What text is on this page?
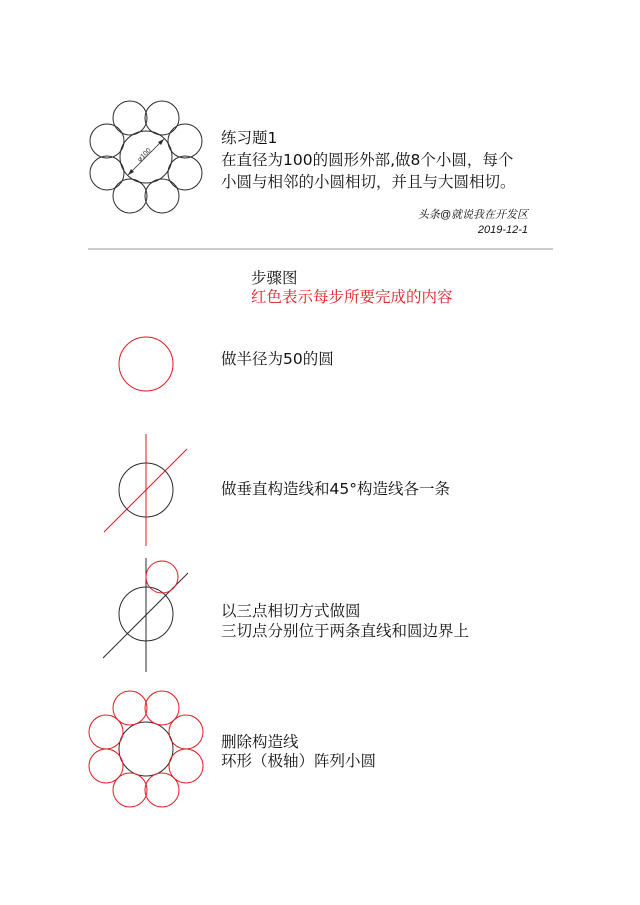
⌀100
练习题1
在直径为100的圆形外部,做8个小圆，每个
小圆与相邻的小圆相切，并且与大圆相切。
头条@就说我在开发区
2019-12-1
步骤图
红色表示每步所要完成的内容
做半径为50的圆
做垂直构造线和45°构造线各一条
以三点相切方式做圆
三切点分别位于两条直线和圆边界上
删除构造线
环形（极轴）阵列小圆
